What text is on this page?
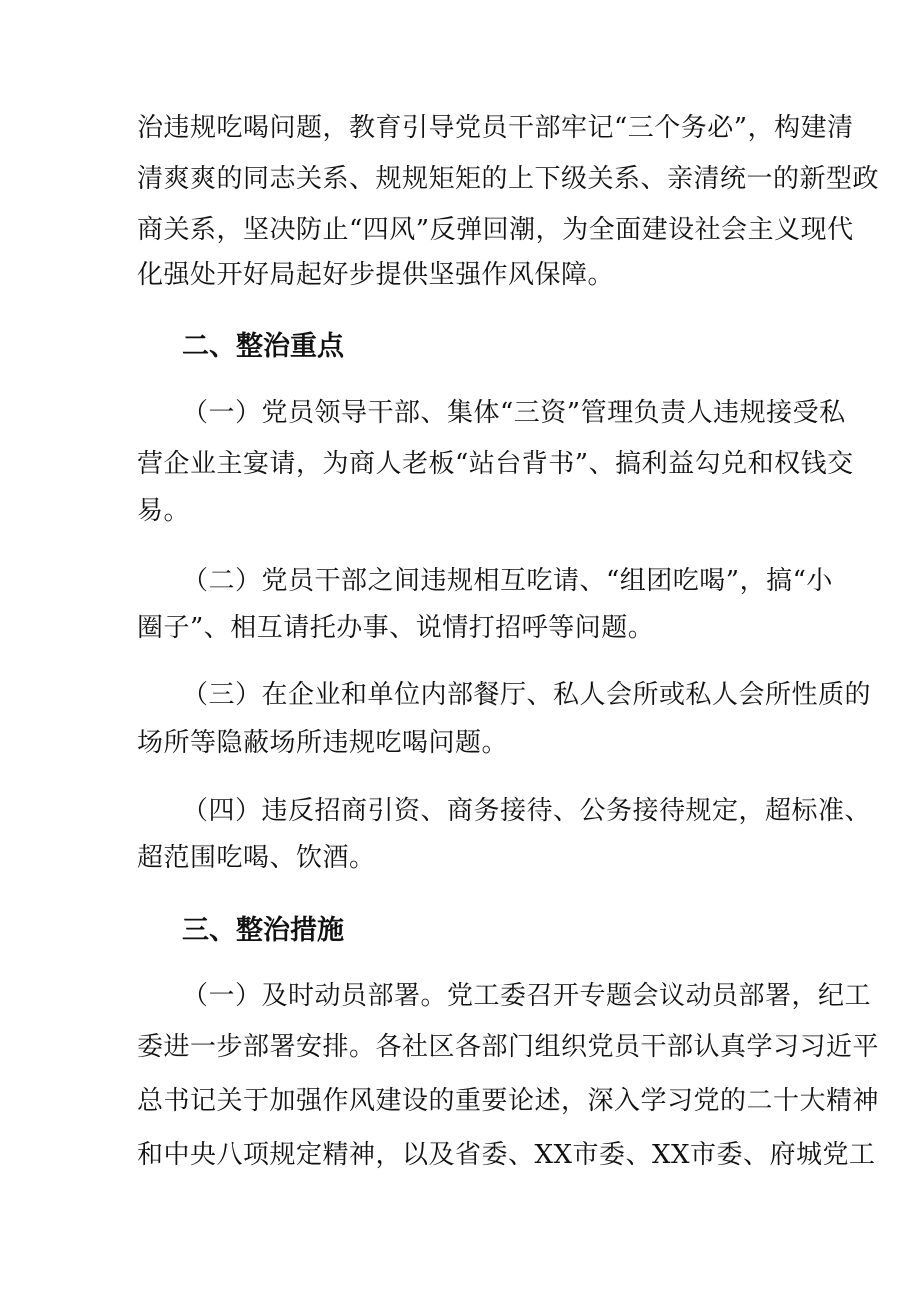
治违规吃喝问题，教育引导党员干部牢记“三个务必”，构建清
清爽爽的同志关系、规规矩矩的上下级关系、亲清统一的新型政
商关系，坚决防止“四风”反弹回潮，为全面建设社会主义现代
化强处开好局起好步提供坚强作风保障。
二、整治重点
（一）党员领导干部、集体“三资”管理负责人违规接受私
营企业主宴请，为商人老板“站台背书”、搞利益勾兑和权钱交
易。
（二）党员干部之间违规相互吃请、“组团吃喝”，搞“小
圈子”、相互请托办事、说情打招呼等问题。
（三）在企业和单位内部餐厅、私人会所或私人会所性质的
场所等隐蔽场所违规吃喝问题。
（四）违反招商引资、商务接待、公务接待规定，超标准、
超范围吃喝、饮酒。
三、整治措施
（一）及时动员部署。党工委召开专题会议动员部署，纪工
委进一步部署安排。各社区各部门组织党员干部认真学习习近平
总书记关于加强作风建设的重要论述，深入学习党的二十大精神
和中央八项规定精神，以及省委、XX市委、XX市委、府城党工
